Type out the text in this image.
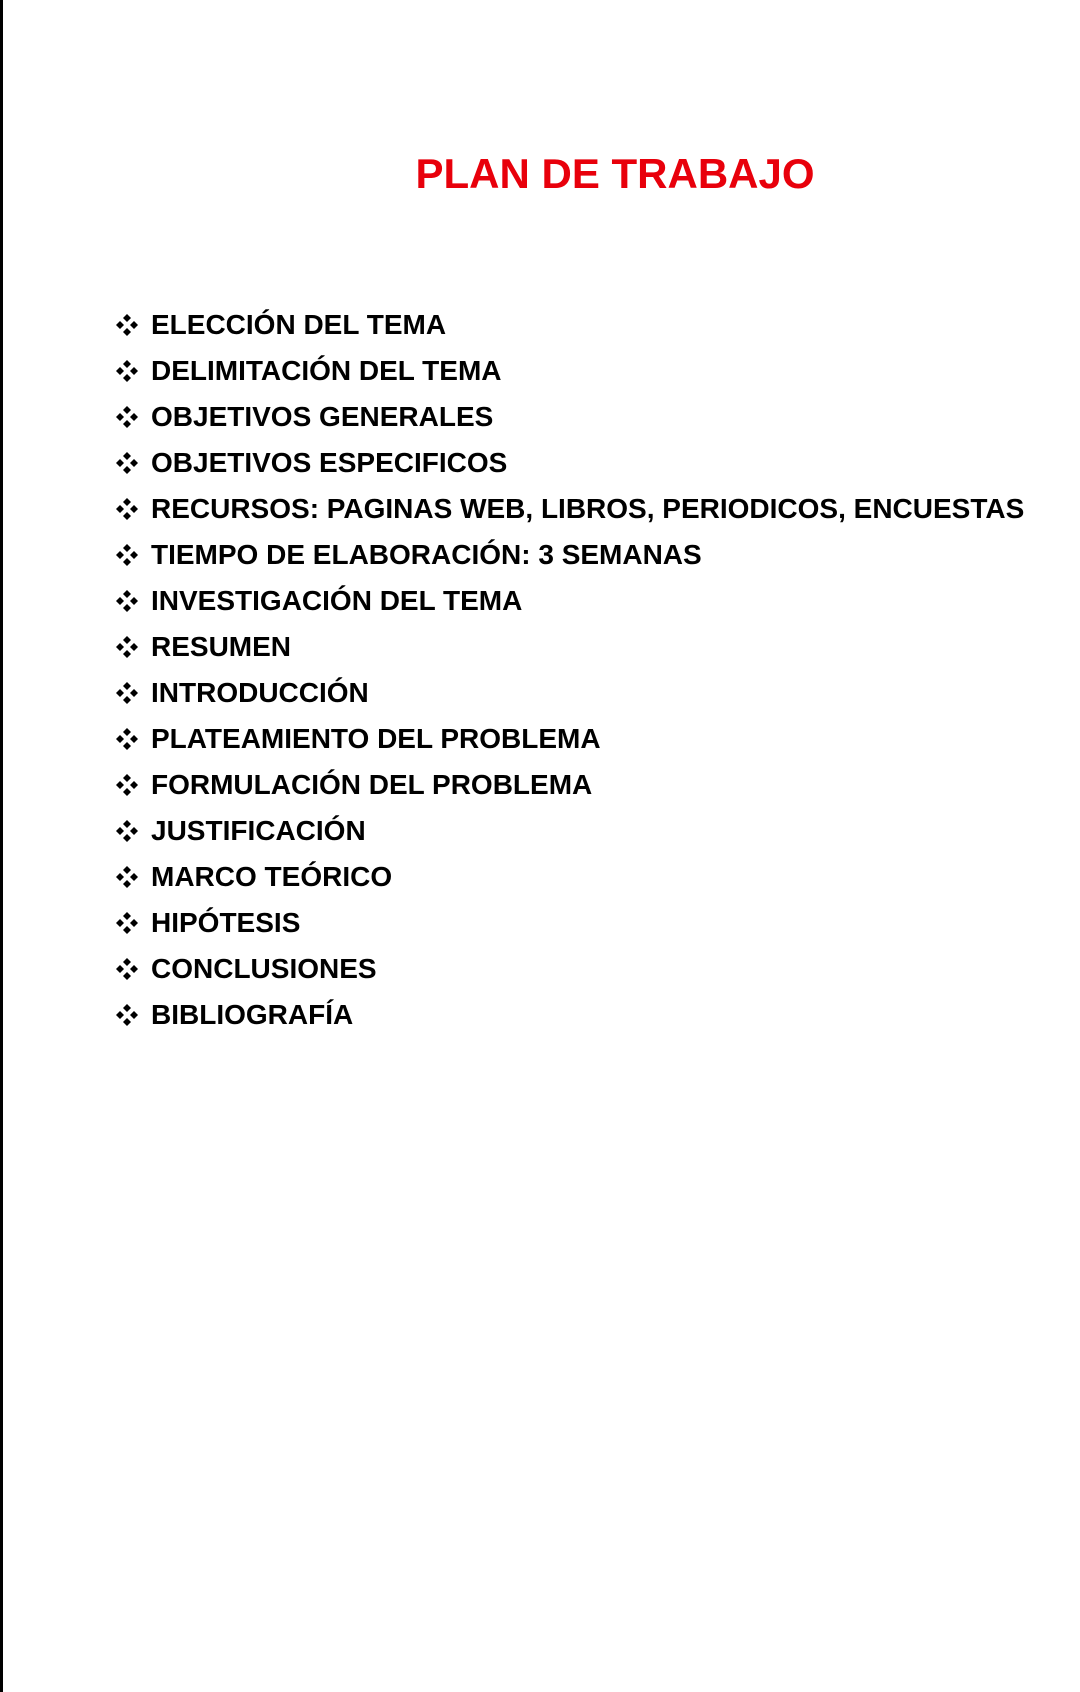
PLAN DE TRABAJO
ELECCIÓN DEL TEMA
DELIMITACIÓN DEL TEMA
OBJETIVOS GENERALES
OBJETIVOS ESPECIFICOS
RECURSOS: PAGINAS WEB, LIBROS, PERIODICOS, ENCUESTAS
TIEMPO DE ELABORACIÓN: 3 SEMANAS
INVESTIGACIÓN DEL TEMA
RESUMEN
INTRODUCCIÓN
PLATEAMIENTO DEL PROBLEMA
FORMULACIÓN DEL PROBLEMA
JUSTIFICACIÓN
MARCO TEÓRICO
HIPÓTESIS
CONCLUSIONES
BIBLIOGRAFÍA
